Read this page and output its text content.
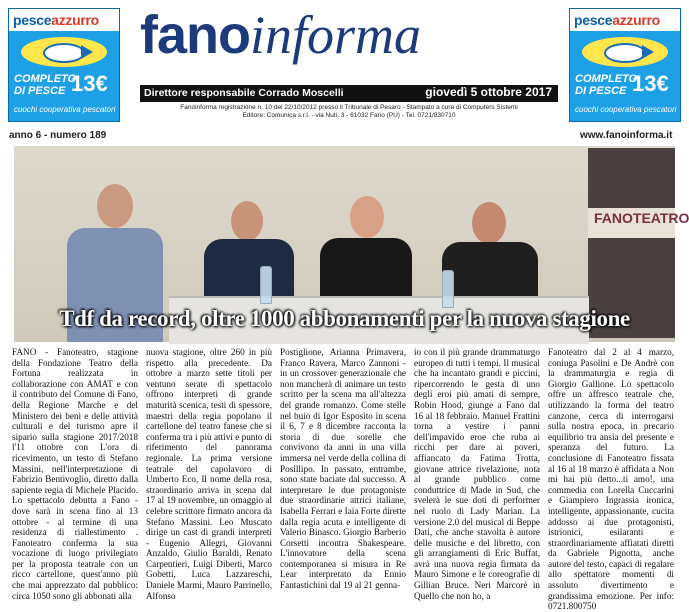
pesceazzurro
COMPLETO
DI PESCE 13€
cuochi cooperativa pescatori
pesceazzurro
COMPLETO
DI PESCE 13€
cuochi cooperativa pescatori
fanoinforma
Direttore responsabile Corrado Moscelli	giovedì 5 ottobre 2017
Fanoinforma registrazione n. 10 del 22/10/2012 presso il Tribunale di Pesaro - Stampato a cura di Computers Sistemi
Editore: Comunica s.r.l. - via Nuti, 3 - 61032 Fano (PU) - Tel. 0721/830710
anno 6 - numero 189	www.fanoinforma.it
FANOTEATRO
Tdf da record, oltre 1000 abbonamenti per la nuova stagione
FANO - Fanoteatro, stagione della Fondazione Teatro della Fortuna realizzata in collaborazione con AMAT e con il contributo del Comune di Fano, della Regione Marche e del Ministero dei beni e delle attività culturali e del turismo apre il sipario sulla stagione 2017/2018 l'11 ottobre con L'ora di ricevimento, un testo di Stefano Massini, nell'interpretazione di Fabrizio Bentivoglio, diretto dalla sapiente regia di Michele Placido. Lo spettacolo debutta a Fano - dove sarà in scena fino al 13 ottobre - al termine di una residenza di riallestimento . Fanoteatro conferma la sua vocazione di luogo privilegiato per la proposta teatrale con un ricco cartellone, quest'anno più che mai apprezzato dal pubblico: circa 1050 sono gli abbonati alla
nuova stagione, oltre 260 in più rispetto alla precedente. Da ottobre a marzo sette titoli per ventuno serate di spettacolo offrono interpreti di grande maturità scenica, testi di spessore, maestri della regia popolano il cartellone del teatro fanese che si conferma tra i più attivi e punto di riferimento del panorama regionale. La prima versione teatrale del capolavoro di Umberto Eco, Il nome della rosa, straordinario arriva in scena dal 17 al 19 novembre, un omaggio al celebre scrittore firmato ancora da Stefano Massini. Leo Muscato dirige un cast di grandi interpreti - Eugenio Allegri, Giovanni Anzaldo, Giulio Baraldi, Renato Carpentieri, Luigi Diberti, Marco Gobetti, Luca Lazzareschi, Daniele Marmi, Mauro Parrinello, Alfonso
Postiglione, Arianna Primavera, Franco Ravera, Marco Zannoni - in un crossover generazionale che non mancherà di animare un testo scritto per la scena ma all'altezza del grande romanzo. Come stelle nel buio di Igor Esposito in scena il 6, 7 e 8 dicembre racconta la storia di due sorelle che convivono da anni in una villa immersa nel verde della collina di Posillipo. In passato, entrambe, sono state baciate dal successo. A interpretare le due protagoniste due straordinarie attrici italiane, Isabella Ferrari e Iaia Forte dirette dalla regia acuta e intelligente di Valerio Binasco. Giorgio Barberio Corsetti incontra Shakespeare. L'innovatore della scena contemporanea si misura in Re Lear interpretato da Ennio Fantastichini dal 19 al 21 genna-
io con il più grande drammaturgo europeo di tutti i tempi. Il musical che ha incantato grandi e piccini, ripercorrendo le gesta di uno degli eroi più amati di sempre, Robin Hood, giunge a Fano dal 16 al 18 febbraio. Manuel Frattini torna a vestire i panni dell'impavido eroe che ruba ai ricchi per dare ai poveri, affiancato da Fatima Trotta, giovane attrice rivelazione, nota al grande pubblico come conduttrice di Made in Sud, che svelerà le sue doti di performer nel ruolo di Lady Marian. La versione 2.0 del musical di Beppe Dati, che anche stavolta è autore delle musiche e del libretto, con gli arrangiamenti di Eric Buffat, avrà una nuova regia firmata da Mauro Simone e le coreografie di Gillian Bruce. Neri Marcorè in Quello che non ho, a
Fanoteatro dal 2 al 4 marzo, coniuga Pasolini e De Andrè con la drammaturgia e regia di Giorgio Gallione. Lo spettacolo offre un affresco teatrale che, utilizzando la forma del teatro canzone, cerca di interrogarsi sulla nostra epoca, in precario equilibrio tra ansia del presente e speranza del futuro. La conclusione di Fanoteatro fissata al 16 al 18 marzo è affidata a Non mi hai più detto...ti amo!, una commedia con Lorella Cuccarini e Giampiero Ingrassia ironica, intelligente, appassionante, cucita addosso ai due protagonisti, istrionici, esilaranti e straordinariamente affiatati diretti da Gabriele Pignotta, anche autore del testo, capaci di regalare allo spettatore momenti di assoluto divertimento e grandissima emozione. Per info: 0721.800750
